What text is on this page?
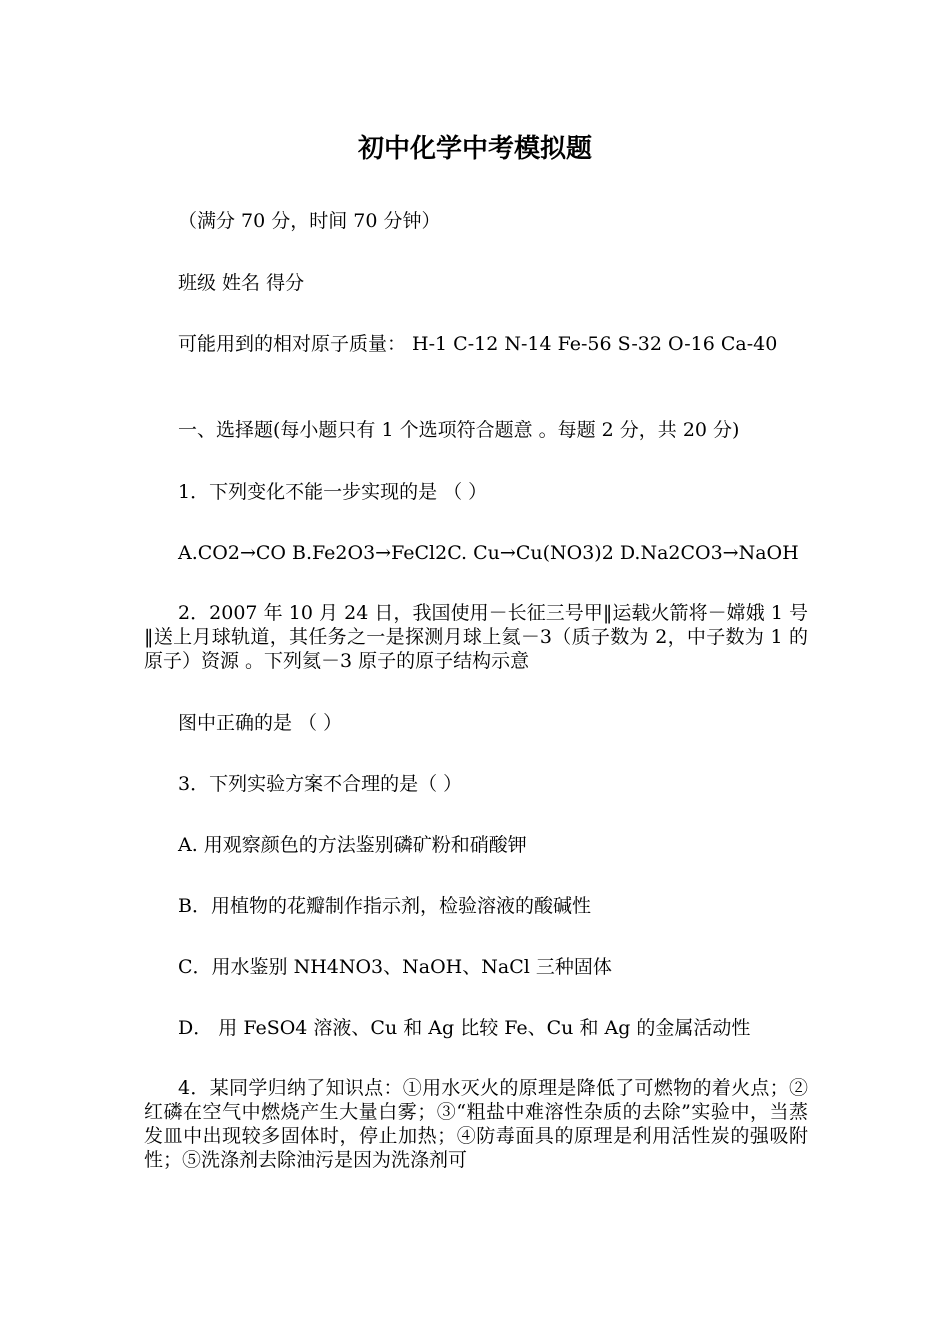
初中化学中考模拟题
（满分 70 分，时间 70 分钟）
班级 姓名 得分
可能用到的相对原子质量： H-1 C-12 N-14 Fe-56 S-32 O-16 Ca-40
一、选择题(每小题只有 1 个选项符合题意 。每题 2 分，共 20 分)
1．下列变化不能一步实现的是 （ ）
A.CO2→CO B.Fe2O3→FeCl2C. Cu→Cu(NO3)2 D.Na2CO3→NaOH
2．2007 年 10 月 24 日，我国使用－长征三号甲‖运载火箭将－嫦娥 1 号‖送上月球轨道，其任务之一是探测月球上氦－3（质子数为 2，中子数为 1 的原子）资源 。下列氦－3 原子的原子结构示意
图中正确的是 （ ）
3．下列实验方案不合理的是（ ）
A. 用观察颜色的方法鉴别磷矿粉和硝酸钾
B．用植物的花瓣制作指示剂，检验溶液的酸碱性
C．用水鉴别 NH4NO3、NaOH、NaCl 三种固体
D． 用 FeSO4 溶液、Cu 和 Ag 比较 Fe、Cu 和 Ag 的金属活动性
4．某同学归纳了知识点：①用水灭火的原理是降低了可燃物的着火点；②红磷在空气中燃烧产生大量白雾；③“粗盐中难溶性杂质的去除”实验中，当蒸发皿中出现较多固体时，停止加热；④防毒面具的原理是利用活性炭的强吸附性；⑤洗涤剂去除油污是因为洗涤剂可
